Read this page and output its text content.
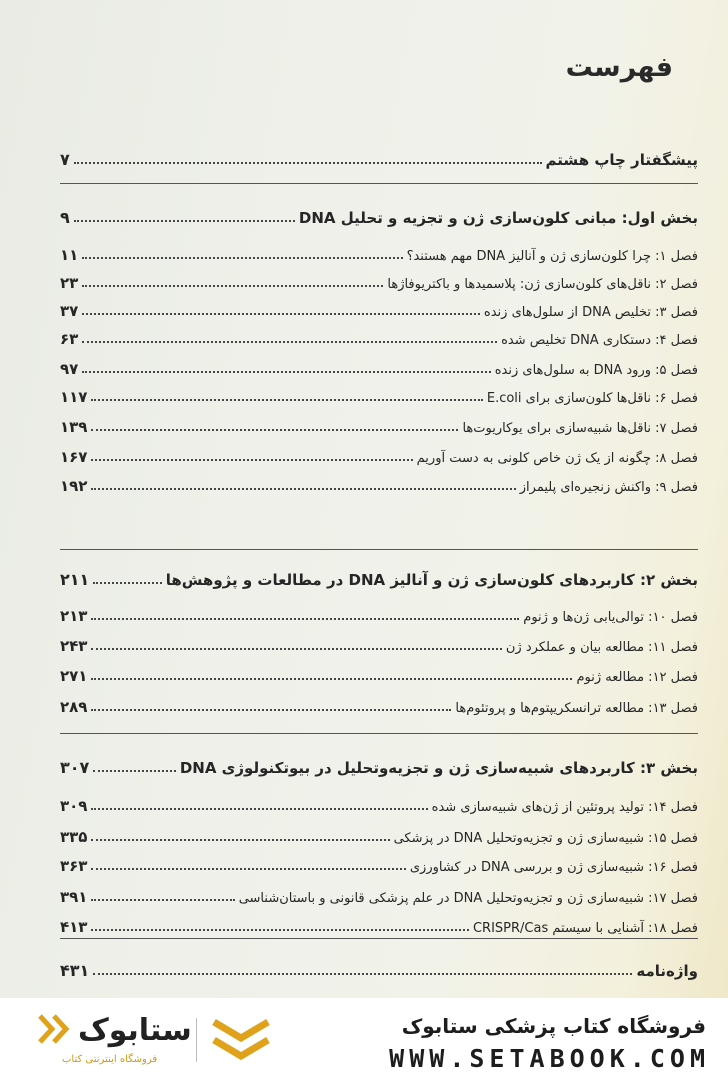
فهرست
پیشگفتار چاپ هشتم
۷
بخش اول: مبانی کلون‌سازی ژن و تجزیه و تحلیل DNA
۹
فصل ۱: چرا کلون‌سازی ژن و آنالیز DNA مهم هستند؟
۱۱
فصل ۲: ناقل‌های کلون‌سازی ژن: پلاسمیدها و باکتریوفاژها
۲۳
فصل ۳: تخلیص DNA از سلول‌های زنده
۳۷
فصل ۴: دستکاری DNA تخلیص شده
۶۳
فصل ۵: ورود DNA به سلول‌های زنده
۹۷
فصل ۶: ناقل‌ها کلون‌سازی برای E.coli
۱۱۷
فصل ۷: ناقل‌ها شبیه‌سازی برای یوکاریوت‌ها
۱۳۹
فصل ۸: چگونه از یک ژن خاص کلونی به دست آوریم
۱۶۷
فصل ۹: واکنش زنجیره‌ای پلیمراز
۱۹۲
بخش ۲: کاربردهای کلون‌سازی ژن و آنالیز DNA در مطالعات و پژوهش‌ها
۲۱۱
فصل ۱۰: توالی‌یابی ژن‌ها و ژنوم
۲۱۳
فصل ۱۱: مطالعه بیان و عملکرد ژن
۲۴۳
فصل ۱۲: مطالعه ژنوم
۲۷۱
فصل ۱۳: مطالعه ترانسکریپتوم‌ها و پروتئوم‌ها
۲۸۹
بخش ۳: کاربردهای شبیه‌سازی ژن و تجزیه‌وتحلیل در بیوتکنولوژی DNA
۳۰۷
فصل ۱۴: تولید پروتئین از ژن‌های شبیه‌سازی شده
۳۰۹
فصل ۱۵: شبیه‌سازی ژن و تجزیه‌وتحلیل DNA در پزشکی
۳۳۵
فصل ۱۶: شبیه‌سازی ژن و بررسی DNA در کشاورزی
۳۶۳
فصل ۱۷: شبیه‌سازی ژن و تجزیه‌وتحلیل DNA در علم پزشکی قانونی و باستان‌شناسی
۳۹۱
فصل ۱۸: آشنایی با سیستم CRISPR/Cas
۴۱۳
واژه‌نامه
۴۳۱
ستابوک
فروشگاه اینترنتی کتاب
فروشگاه کتاب پزشکی ستابوک
WWW.SETABOOK.COM
